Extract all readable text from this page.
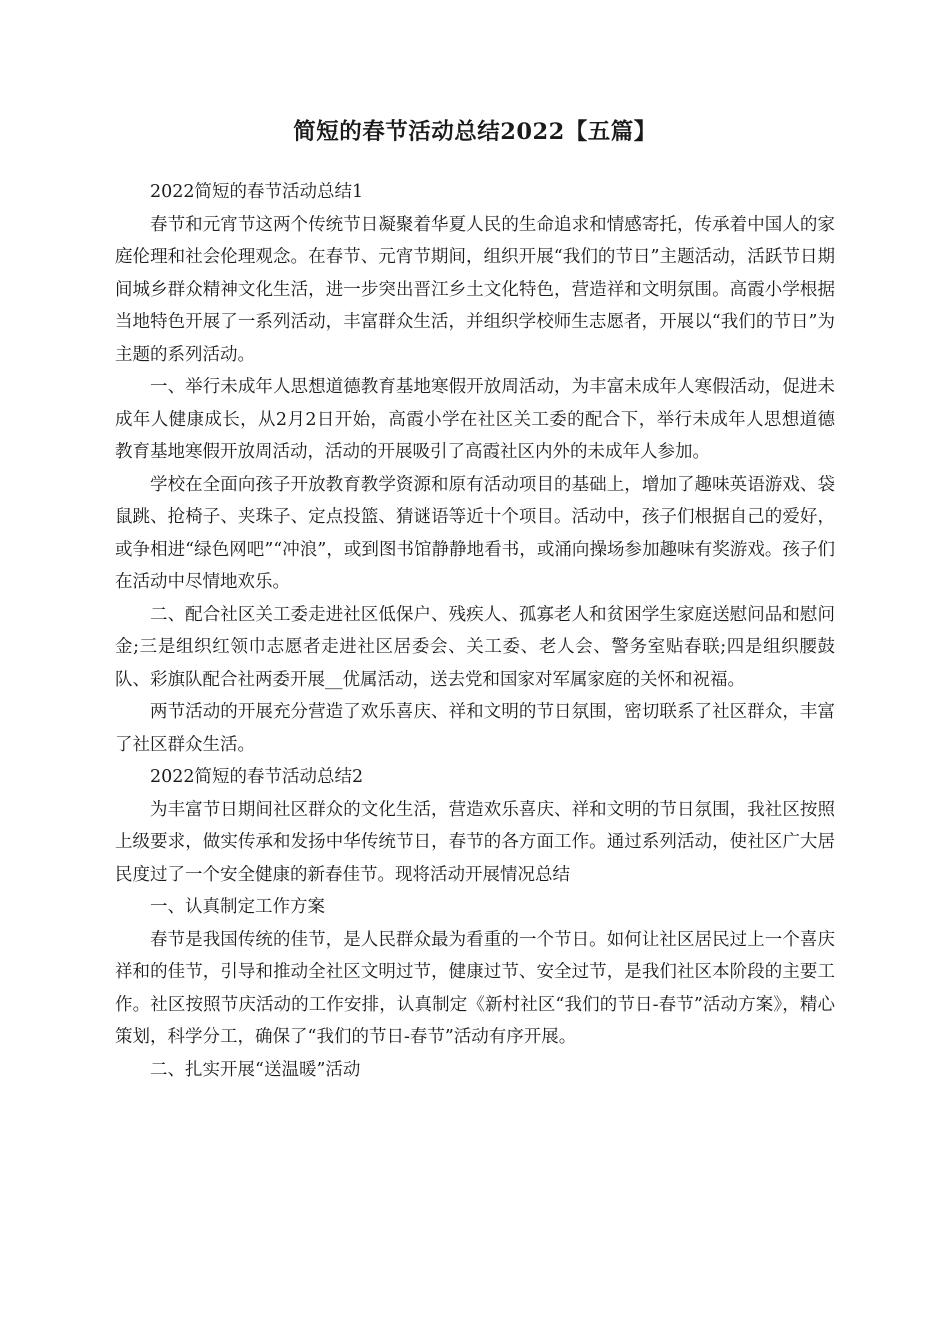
简短的春节活动总结2022【五篇】

2022简短的春节活动总结1

春节和元宵节这两个传统节日凝聚着华夏人民的生命追求和情感寄托，传承着中国人的家庭伦理和社会伦理观念。在春节、元宵节期间，组织开展“我们的节日”主题活动，活跃节日期间城乡群众精神文化生活，进一步突出晋江乡土文化特色，营造祥和文明氛围。高霞小学根据当地特色开展了一系列活动，丰富群众生活，并组织学校师生志愿者，开展以“我们的节日”为主题的系列活动。

一、举行未成年人思想道德教育基地寒假开放周活动，为丰富未成年人寒假活动，促进未成年人健康成长，从2月2日开始，高霞小学在社区关工委的配合下，举行未成年人思想道德教育基地寒假开放周活动，活动的开展吸引了高霞社区内外的未成年人参加。

学校在全面向孩子开放教育教学资源和原有活动项目的基础上，增加了趣味英语游戏、袋鼠跳、抢椅子、夹珠子、定点投篮、猜谜语等近十个项目。活动中，孩子们根据自己的爱好，或争相进“绿色网吧”“冲浪”，或到图书馆静静地看书，或涌向操场参加趣味有奖游戏。孩子们在活动中尽情地欢乐。

二、配合社区关工委走进社区低保户、残疾人、孤寡老人和贫困学生家庭送慰问品和慰问金;三是组织红领巾志愿者走进社区居委会、关工委、老人会、警务室贴春联;四是组织腰鼓队、彩旗队配合社两委开展__优属活动，送去党和国家对军属家庭的关怀和祝福。

两节活动的开展充分营造了欢乐喜庆、祥和文明的节日氛围，密切联系了社区群众，丰富了社区群众生活。

2022简短的春节活动总结2

为丰富节日期间社区群众的文化生活，营造欢乐喜庆、祥和文明的节日氛围，我社区按照上级要求，做实传承和发扬中华传统节日，春节的各方面工作。通过系列活动，使社区广大居民度过了一个安全健康的新春佳节。现将活动开展情况总结

一、认真制定工作方案

春节是我国传统的佳节，是人民群众最为看重的一个节日。如何让社区居民过上一个喜庆祥和的佳节，引导和推动全社区文明过节，健康过节、安全过节，是我们社区本阶段的主要工作。社区按照节庆活动的工作安排，认真制定《新村社区“我们的节日-春节”活动方案》，精心策划，科学分工，确保了“我们的节日-春节”活动有序开展。

二、扎实开展“送温暖”活动
